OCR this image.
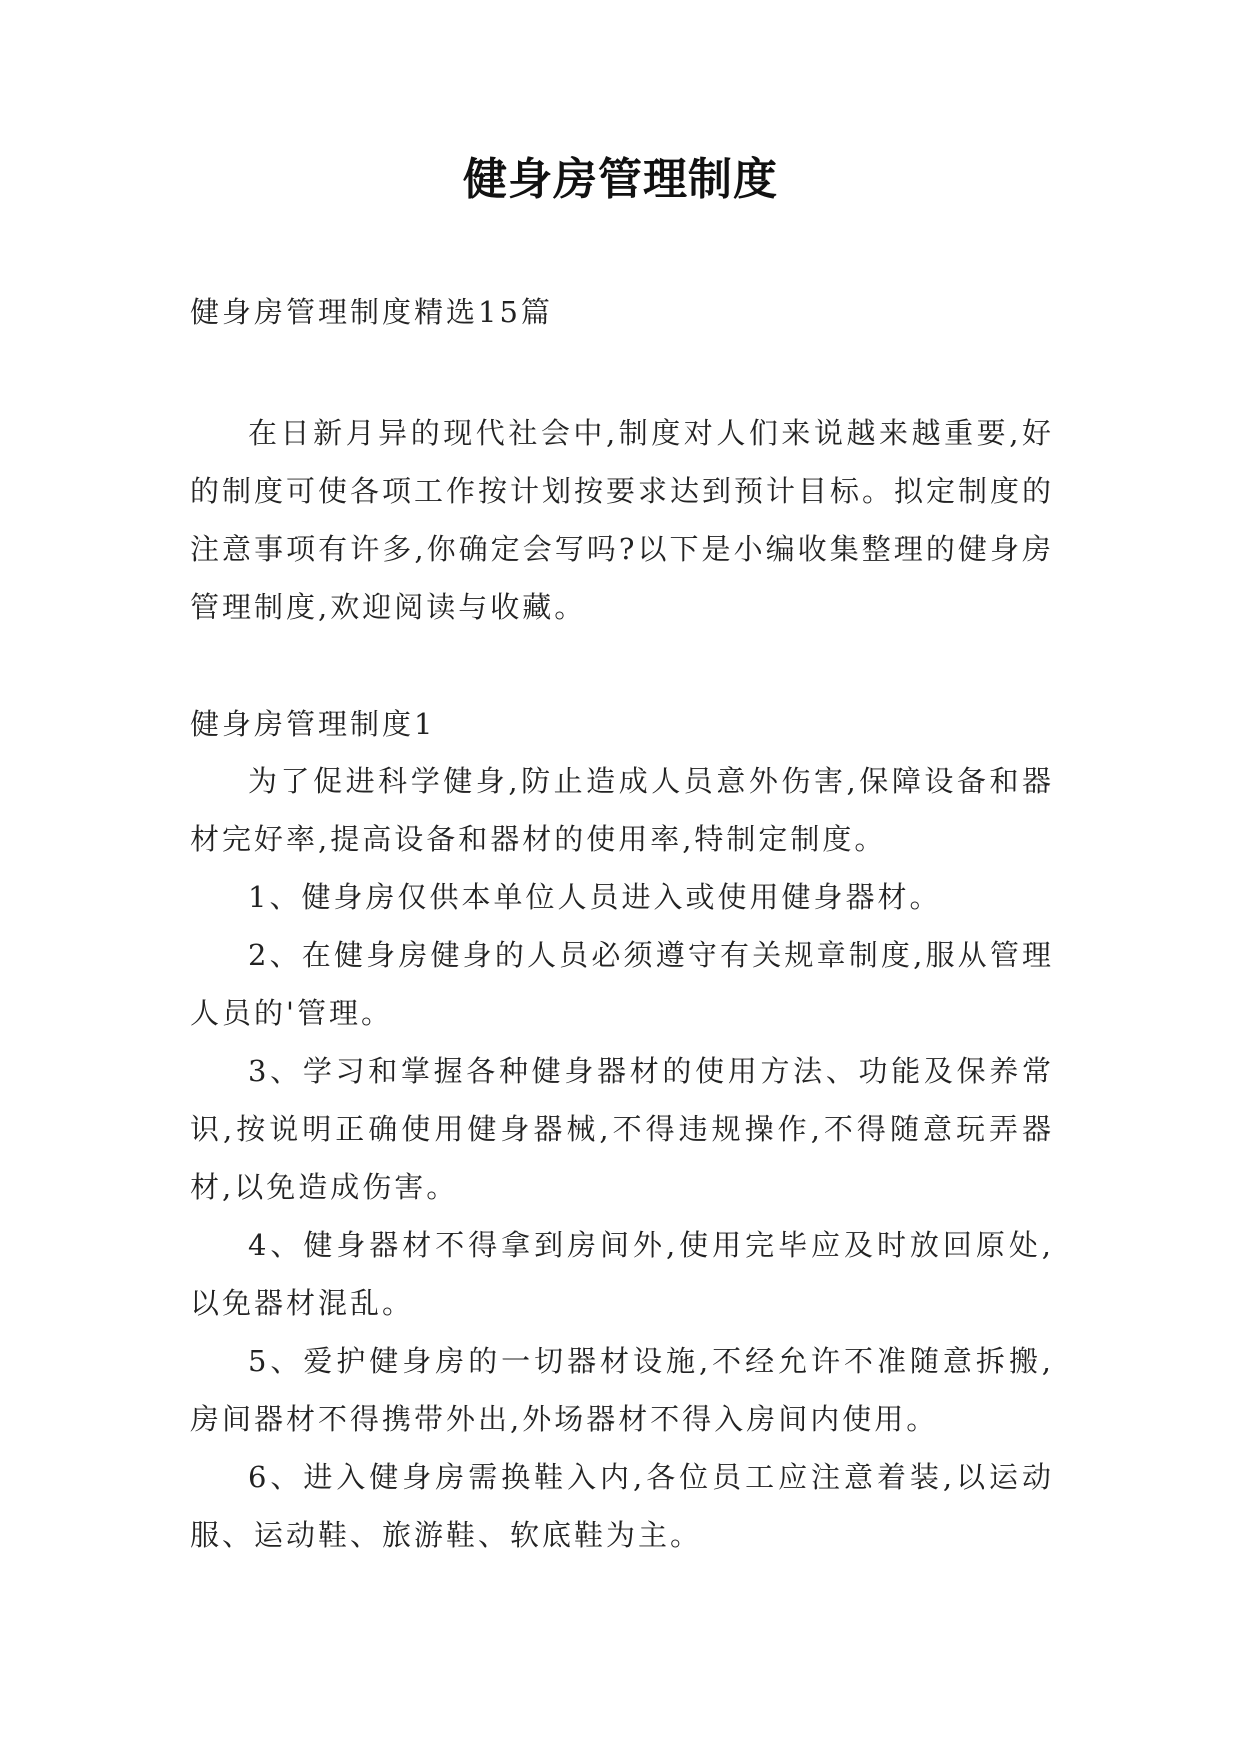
健身房管理制度
健身房管理制度精选15篇

在日新月异的现代社会中,制度对人们来说越来越重要,好的制度可使各项工作按计划按要求达到预计目标。拟定制度的注意事项有许多,你确定会写吗?以下是小编收集整理的健身房管理制度,欢迎阅读与收藏。

健身房管理制度1

为了促进科学健身,防止造成人员意外伤害,保障设备和器材完好率,提高设备和器材的使用率,特制定制度。

1、健身房仅供本单位人员进入或使用健身器材。

2、在健身房健身的人员必须遵守有关规章制度,服从管理人员的'管理。

3、学习和掌握各种健身器材的使用方法、功能及保养常识,按说明正确使用健身器械,不得违规操作,不得随意玩弄器材,以免造成伤害。

4、健身器材不得拿到房间外,使用完毕应及时放回原处,以免器材混乱。

5、爱护健身房的一切器材设施,不经允许不准随意拆搬,房间器材不得携带外出,外场器材不得入房间内使用。

6、进入健身房需换鞋入内,各位员工应注意着装,以运动服、运动鞋、旅游鞋、软底鞋为主。
